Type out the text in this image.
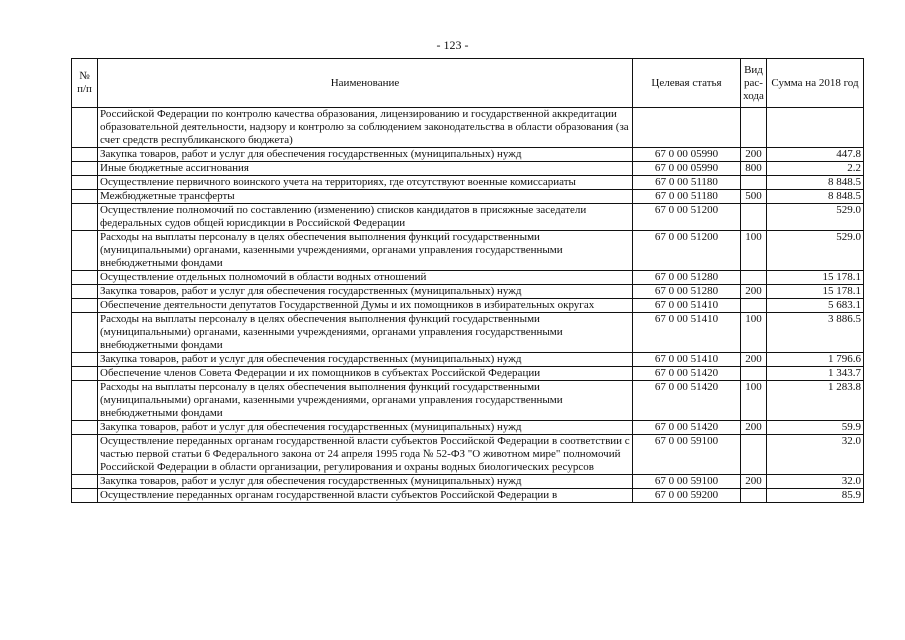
- 123 -
№ п/п	Наименование	Целевая статья	Вид рас-хода	Сумма на 2018 год
	Российской Федерации по контролю качества образования, лицензированию и государственной аккредитации образовательной деятельности, надзору и контролю за соблюдением законодательства в области образования (за счет средств республиканского бюджета)			
	Закупка товаров, работ и услуг для обеспечения государственных (муниципальных) нужд	67 0 00 05990	200	447.8
	Иные бюджетные ассигнования	67 0 00 05990	800	2.2
	Осуществление первичного воинского учета на территориях, где отсутствуют военные комиссариаты	67 0 00 51180		8 848.5
	Межбюджетные трансферты	67 0 00 51180	500	8 848.5
	Осуществление полномочий по составлению (изменению) списков кандидатов в присяжные заседатели федеральных судов общей юрисдикции в Российской Федерации	67 0 00 51200		529.0
	Расходы на выплаты персоналу в целях обеспечения выполнения функций государственными (муниципальными) органами, казенными учреждениями, органами управления государственными внебюджетными фондами	67 0 00 51200	100	529.0
	Осуществление отдельных полномочий в области водных отношений	67 0 00 51280		15 178.1
	Закупка товаров, работ и услуг для обеспечения государственных (муниципальных) нужд	67 0 00 51280	200	15 178.1
	Обеспечение деятельности депутатов Государственной Думы и их помощников в избирательных округах	67 0 00 51410		5 683.1
	Расходы на выплаты персоналу в целях обеспечения выполнения функций государственными (муниципальными) органами, казенными учреждениями, органами управления государственными внебюджетными фондами	67 0 00 51410	100	3 886.5
	Закупка товаров, работ и услуг для обеспечения государственных (муниципальных) нужд	67 0 00 51410	200	1 796.6
	Обеспечение членов Совета Федерации и их помощников в субъектах Российской Федерации	67 0 00 51420		1 343.7
	Расходы на выплаты персоналу в целях обеспечения выполнения функций государственными (муниципальными) органами, казенными учреждениями, органами управления государственными внебюджетными фондами	67 0 00 51420	100	1 283.8
	Закупка товаров, работ и услуг для обеспечения государственных (муниципальных) нужд	67 0 00 51420	200	59.9
	Осуществление переданных органам государственной власти субъектов Российской Федерации в соответствии с частью первой статьи 6 Федерального закона от 24 апреля 1995 года № 52-ФЗ "О животном мире" полномочий Российской Федерации в области организации, регулирования и охраны водных биологических ресурсов	67 0 00 59100		32.0
	Закупка товаров, работ и услуг для обеспечения государственных (муниципальных) нужд	67 0 00 59100	200	32.0
	Осуществление переданных органам государственной власти субъектов Российской Федерации в	67 0 00 59200		85.9
